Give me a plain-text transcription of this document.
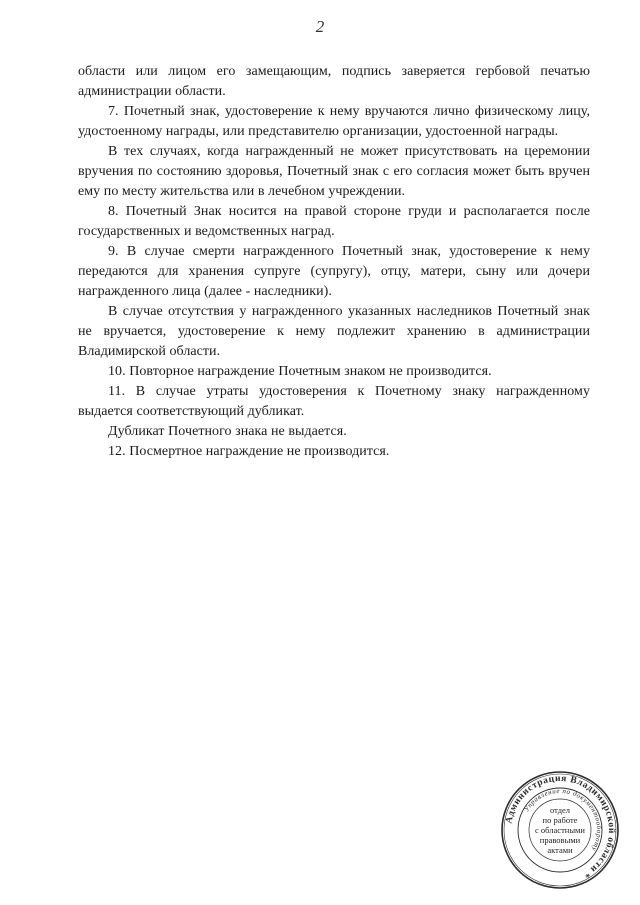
2

области или лицом его замещающим, подпись заверяется гербовой печатью администрации области.

7. Почетный знак, удостоверение к нему вручаются лично физическому лицу, удостоенному награды, или представителю организации, удостоенной награды.

В тех случаях, когда награжденный не может присутствовать на церемонии вручения по состоянию здоровья, Почетный знак с его согласия может быть вручен ему по месту жительства или в лечебном учреждении.

8. Почетный Знак носится на правой стороне груди и располагается после государственных и ведомственных наград.

9. В случае смерти награжденного Почетный знак, удостоверение к нему передаются для хранения супруге (супругу), отцу, матери, сыну или дочери награжденного лица (далее - наследники).

В случае отсутствия у награжденного указанных наследников Почетный знак не вручается, удостоверение к нему подлежит хранению в администрации Владимирской области.

10. Повторное награждение Почетным знаком не производится.

11. В случае утраты удостоверения к Почетному знаку награжденному выдается соответствующий дубликат.

Дубликат Почетного знака не выдается.

12. Посмертное награждение не производится.

Администрация Владимирской области *
Управление по документообороту
отдел
по работе
с областными
правовыми
актами
